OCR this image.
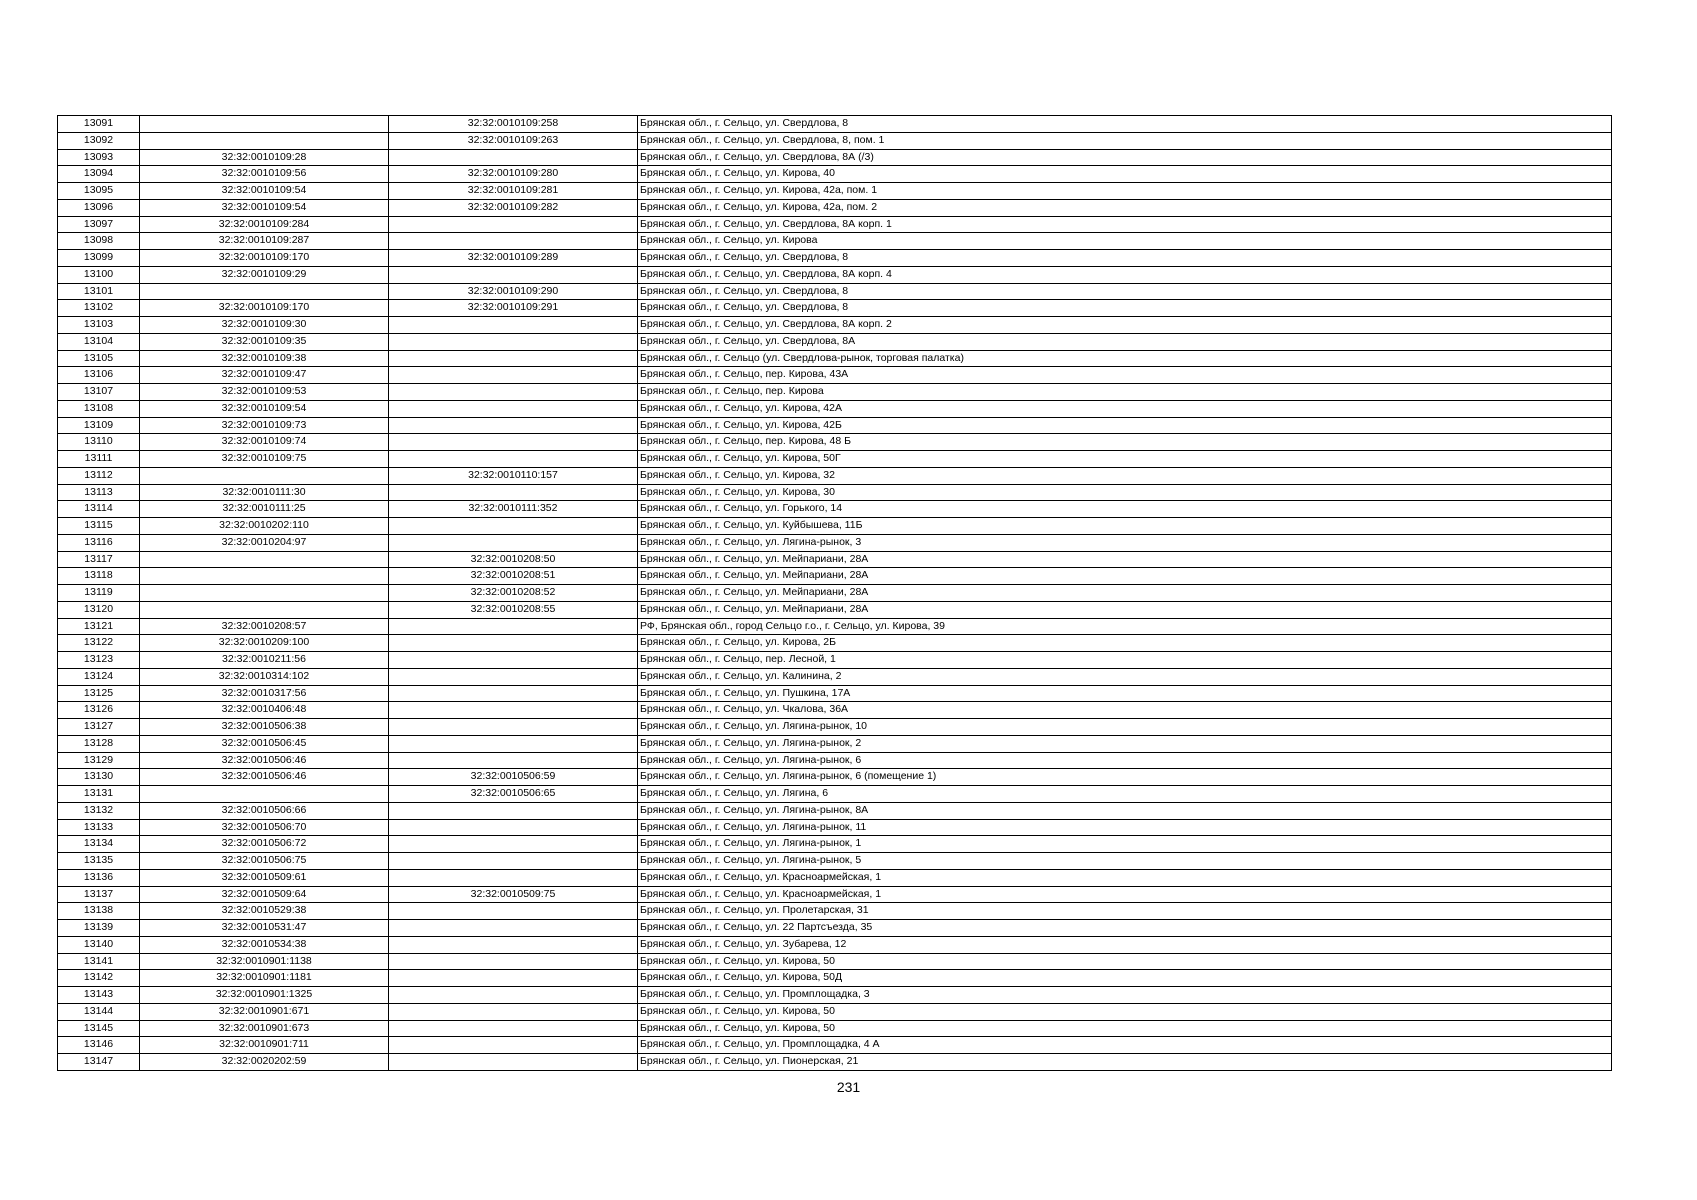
13091		32:32:0010109:258	Брянская обл., г. Сельцо, ул. Свердлова, 8
13092		32:32:0010109:263	Брянская обл., г. Сельцо, ул. Свердлова, 8, пом. 1
13093	32:32:0010109:28		Брянская обл., г. Сельцо, ул. Свердлова, 8А (/3)
13094	32:32:0010109:56	32:32:0010109:280	Брянская обл., г. Сельцо, ул. Кирова, 40
13095	32:32:0010109:54	32:32:0010109:281	Брянская обл., г. Сельцо, ул. Кирова, 42а, пом. 1
13096	32:32:0010109:54	32:32:0010109:282	Брянская обл., г. Сельцо, ул. Кирова, 42а, пом. 2
13097	32:32:0010109:284		Брянская обл., г. Сельцо, ул. Свердлова, 8А корп. 1
13098	32:32:0010109:287		Брянская обл., г. Сельцо, ул. Кирова
13099	32:32:0010109:170	32:32:0010109:289	Брянская обл., г. Сельцо, ул. Свердлова, 8
13100	32:32:0010109:29		Брянская обл., г. Сельцо, ул. Свердлова, 8А корп. 4
13101		32:32:0010109:290	Брянская обл., г. Сельцо, ул. Свердлова, 8
13102	32:32:0010109:170	32:32:0010109:291	Брянская обл., г. Сельцо, ул. Свердлова, 8
13103	32:32:0010109:30		Брянская обл., г. Сельцо, ул. Свердлова, 8А корп. 2
13104	32:32:0010109:35		Брянская обл., г. Сельцо, ул. Свердлова, 8А
13105	32:32:0010109:38		Брянская обл., г. Сельцо (ул. Свердлова-рынок, торговая палатка)
13106	32:32:0010109:47		Брянская обл., г. Сельцо, пер. Кирова, 43А
13107	32:32:0010109:53		Брянская обл., г. Сельцо, пер. Кирова
13108	32:32:0010109:54		Брянская обл., г. Сельцо, ул. Кирова, 42А
13109	32:32:0010109:73		Брянская обл., г. Сельцо, ул. Кирова, 42Б
13110	32:32:0010109:74		Брянская обл., г. Сельцо, пер. Кирова, 48 Б
13111	32:32:0010109:75		Брянская обл., г. Сельцо, ул. Кирова, 50Г
13112		32:32:0010110:157	Брянская обл., г. Сельцо, ул. Кирова, 32
13113	32:32:0010111:30		Брянская обл., г. Сельцо, ул. Кирова, 30
13114	32:32:0010111:25	32:32:0010111:352	Брянская обл., г. Сельцо, ул. Горького, 14
13115	32:32:0010202:110		Брянская обл., г. Сельцо, ул. Куйбышева, 11Б
13116	32:32:0010204:97		Брянская обл., г. Сельцо, ул. Лягина-рынок, 3
13117		32:32:0010208:50	Брянская обл., г. Сельцо, ул. Мейпариани, 28А
13118		32:32:0010208:51	Брянская обл., г. Сельцо, ул. Мейпариани, 28А
13119		32:32:0010208:52	Брянская обл., г. Сельцо, ул. Мейпариани, 28А
13120		32:32:0010208:55	Брянская обл., г. Сельцо, ул. Мейпариани, 28А
13121	32:32:0010208:57		РФ, Брянская обл., город Сельцо г.о., г. Сельцо, ул. Кирова, 39
13122	32:32:0010209:100		Брянская обл., г. Сельцо, ул. Кирова, 2Б
13123	32:32:0010211:56		Брянская обл., г. Сельцо, пер. Лесной, 1
13124	32:32:0010314:102		Брянская обл., г. Сельцо, ул. Калинина, 2
13125	32:32:0010317:56		Брянская обл., г. Сельцо, ул. Пушкина, 17А
13126	32:32:0010406:48		Брянская обл., г. Сельцо, ул. Чкалова, 36А
13127	32:32:0010506:38		Брянская обл., г. Сельцо, ул. Лягина-рынок, 10
13128	32:32:0010506:45		Брянская обл., г. Сельцо, ул. Лягина-рынок, 2
13129	32:32:0010506:46		Брянская обл., г. Сельцо, ул. Лягина-рынок, 6
13130	32:32:0010506:46	32:32:0010506:59	Брянская обл., г. Сельцо, ул. Лягина-рынок, 6 (помещение 1)
13131		32:32:0010506:65	Брянская обл., г. Сельцо, ул. Лягина, 6
13132	32:32:0010506:66		Брянская обл., г. Сельцо, ул. Лягина-рынок, 8А
13133	32:32:0010506:70		Брянская обл., г. Сельцо, ул. Лягина-рынок, 11
13134	32:32:0010506:72		Брянская обл., г. Сельцо, ул. Лягина-рынок, 1
13135	32:32:0010506:75		Брянская обл., г. Сельцо, ул. Лягина-рынок, 5
13136	32:32:0010509:61		Брянская обл., г. Сельцо, ул. Красноармейская, 1
13137	32:32:0010509:64	32:32:0010509:75	Брянская обл., г. Сельцо, ул. Красноармейская, 1
13138	32:32:0010529:38		Брянская обл., г. Сельцо, ул. Пролетарская, 31
13139	32:32:0010531:47		Брянская обл., г. Сельцо, ул. 22 Партсъезда, 35
13140	32:32:0010534:38		Брянская обл., г. Сельцо, ул. Зубарева, 12
13141	32:32:0010901:1138		Брянская обл., г. Сельцо, ул. Кирова, 50
13142	32:32:0010901:1181		Брянская обл., г. Сельцо, ул. Кирова, 50Д
13143	32:32:0010901:1325		Брянская обл., г. Сельцо, ул. Промплощадка, 3
13144	32:32:0010901:671		Брянская обл., г. Сельцо, ул. Кирова, 50
13145	32:32:0010901:673		Брянская обл., г. Сельцо, ул. Кирова, 50
13146	32:32:0010901:711		Брянская обл., г. Сельцо, ул. Промплощадка, 4 А
13147	32:32:0020202:59		Брянская обл., г. Сельцо, ул. Пионерская, 21
231
